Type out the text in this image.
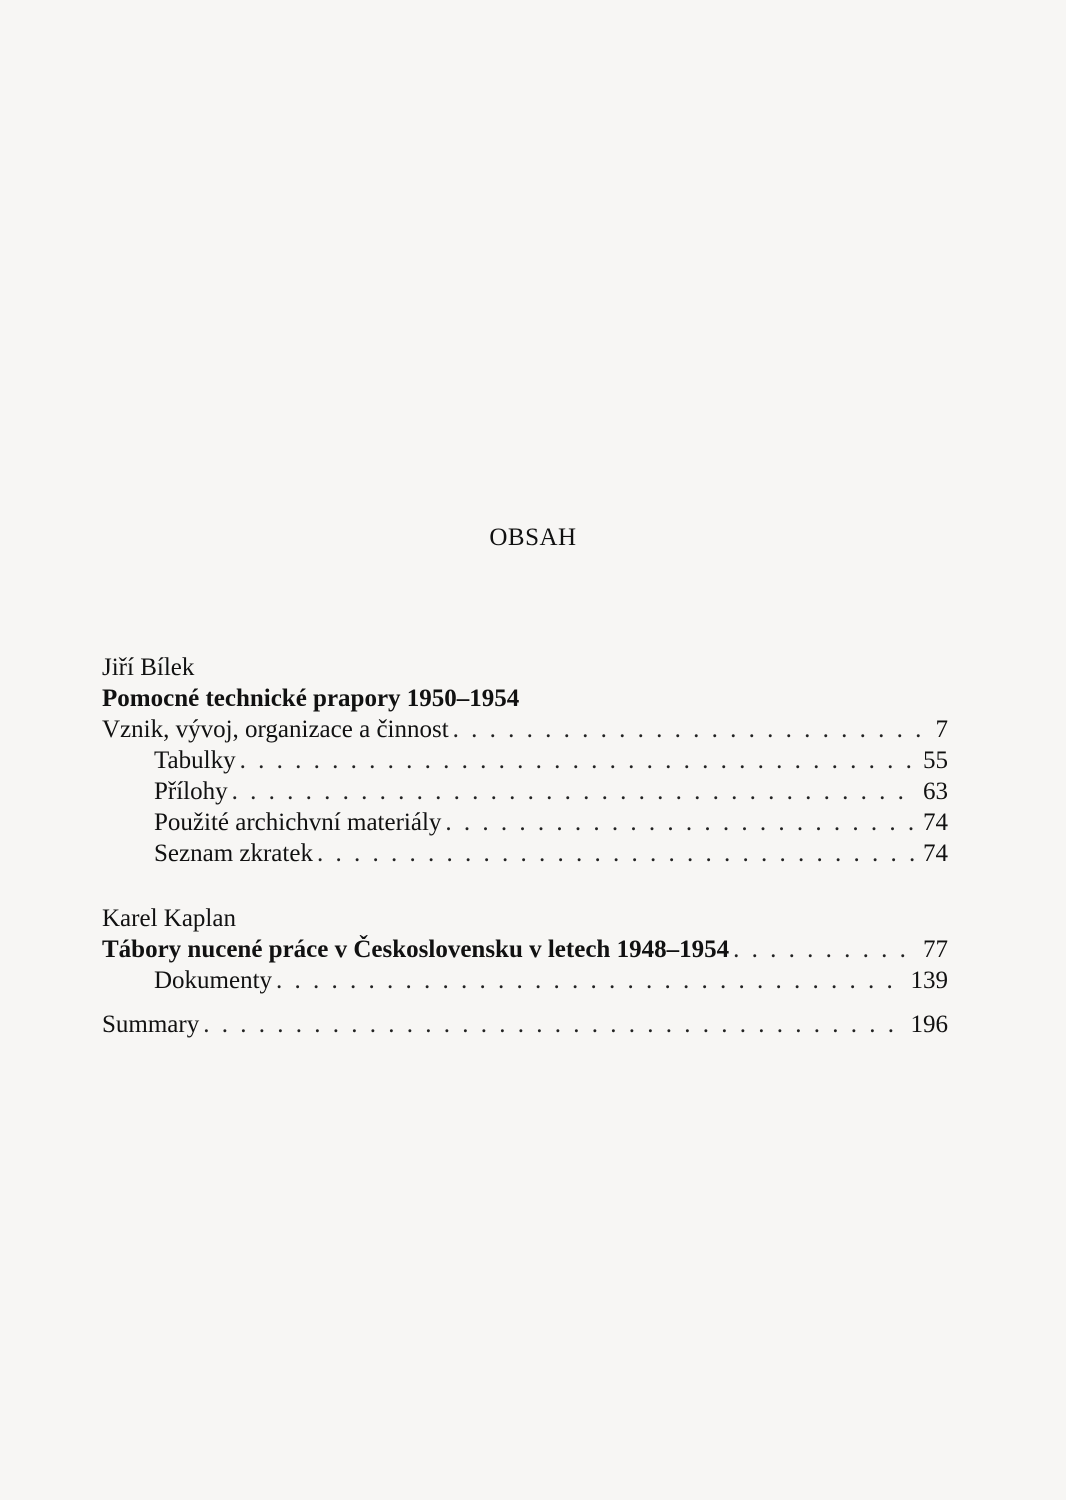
OBSAH
Jiří Bílek
Pomocné technické prapory 1950–1954
Vznik, vývoj, organizace a činnost . . .	7
Tabulky . . .	55
Přílohy . . .	63
Použité archichvní materiály . . .	74
Seznam zkratek . . .	74
Karel Kaplan
Tábory nucené práce v Československu v letech 1948–1954 . . .	77
Dokumenty . . .	139
Summary . . .	196
